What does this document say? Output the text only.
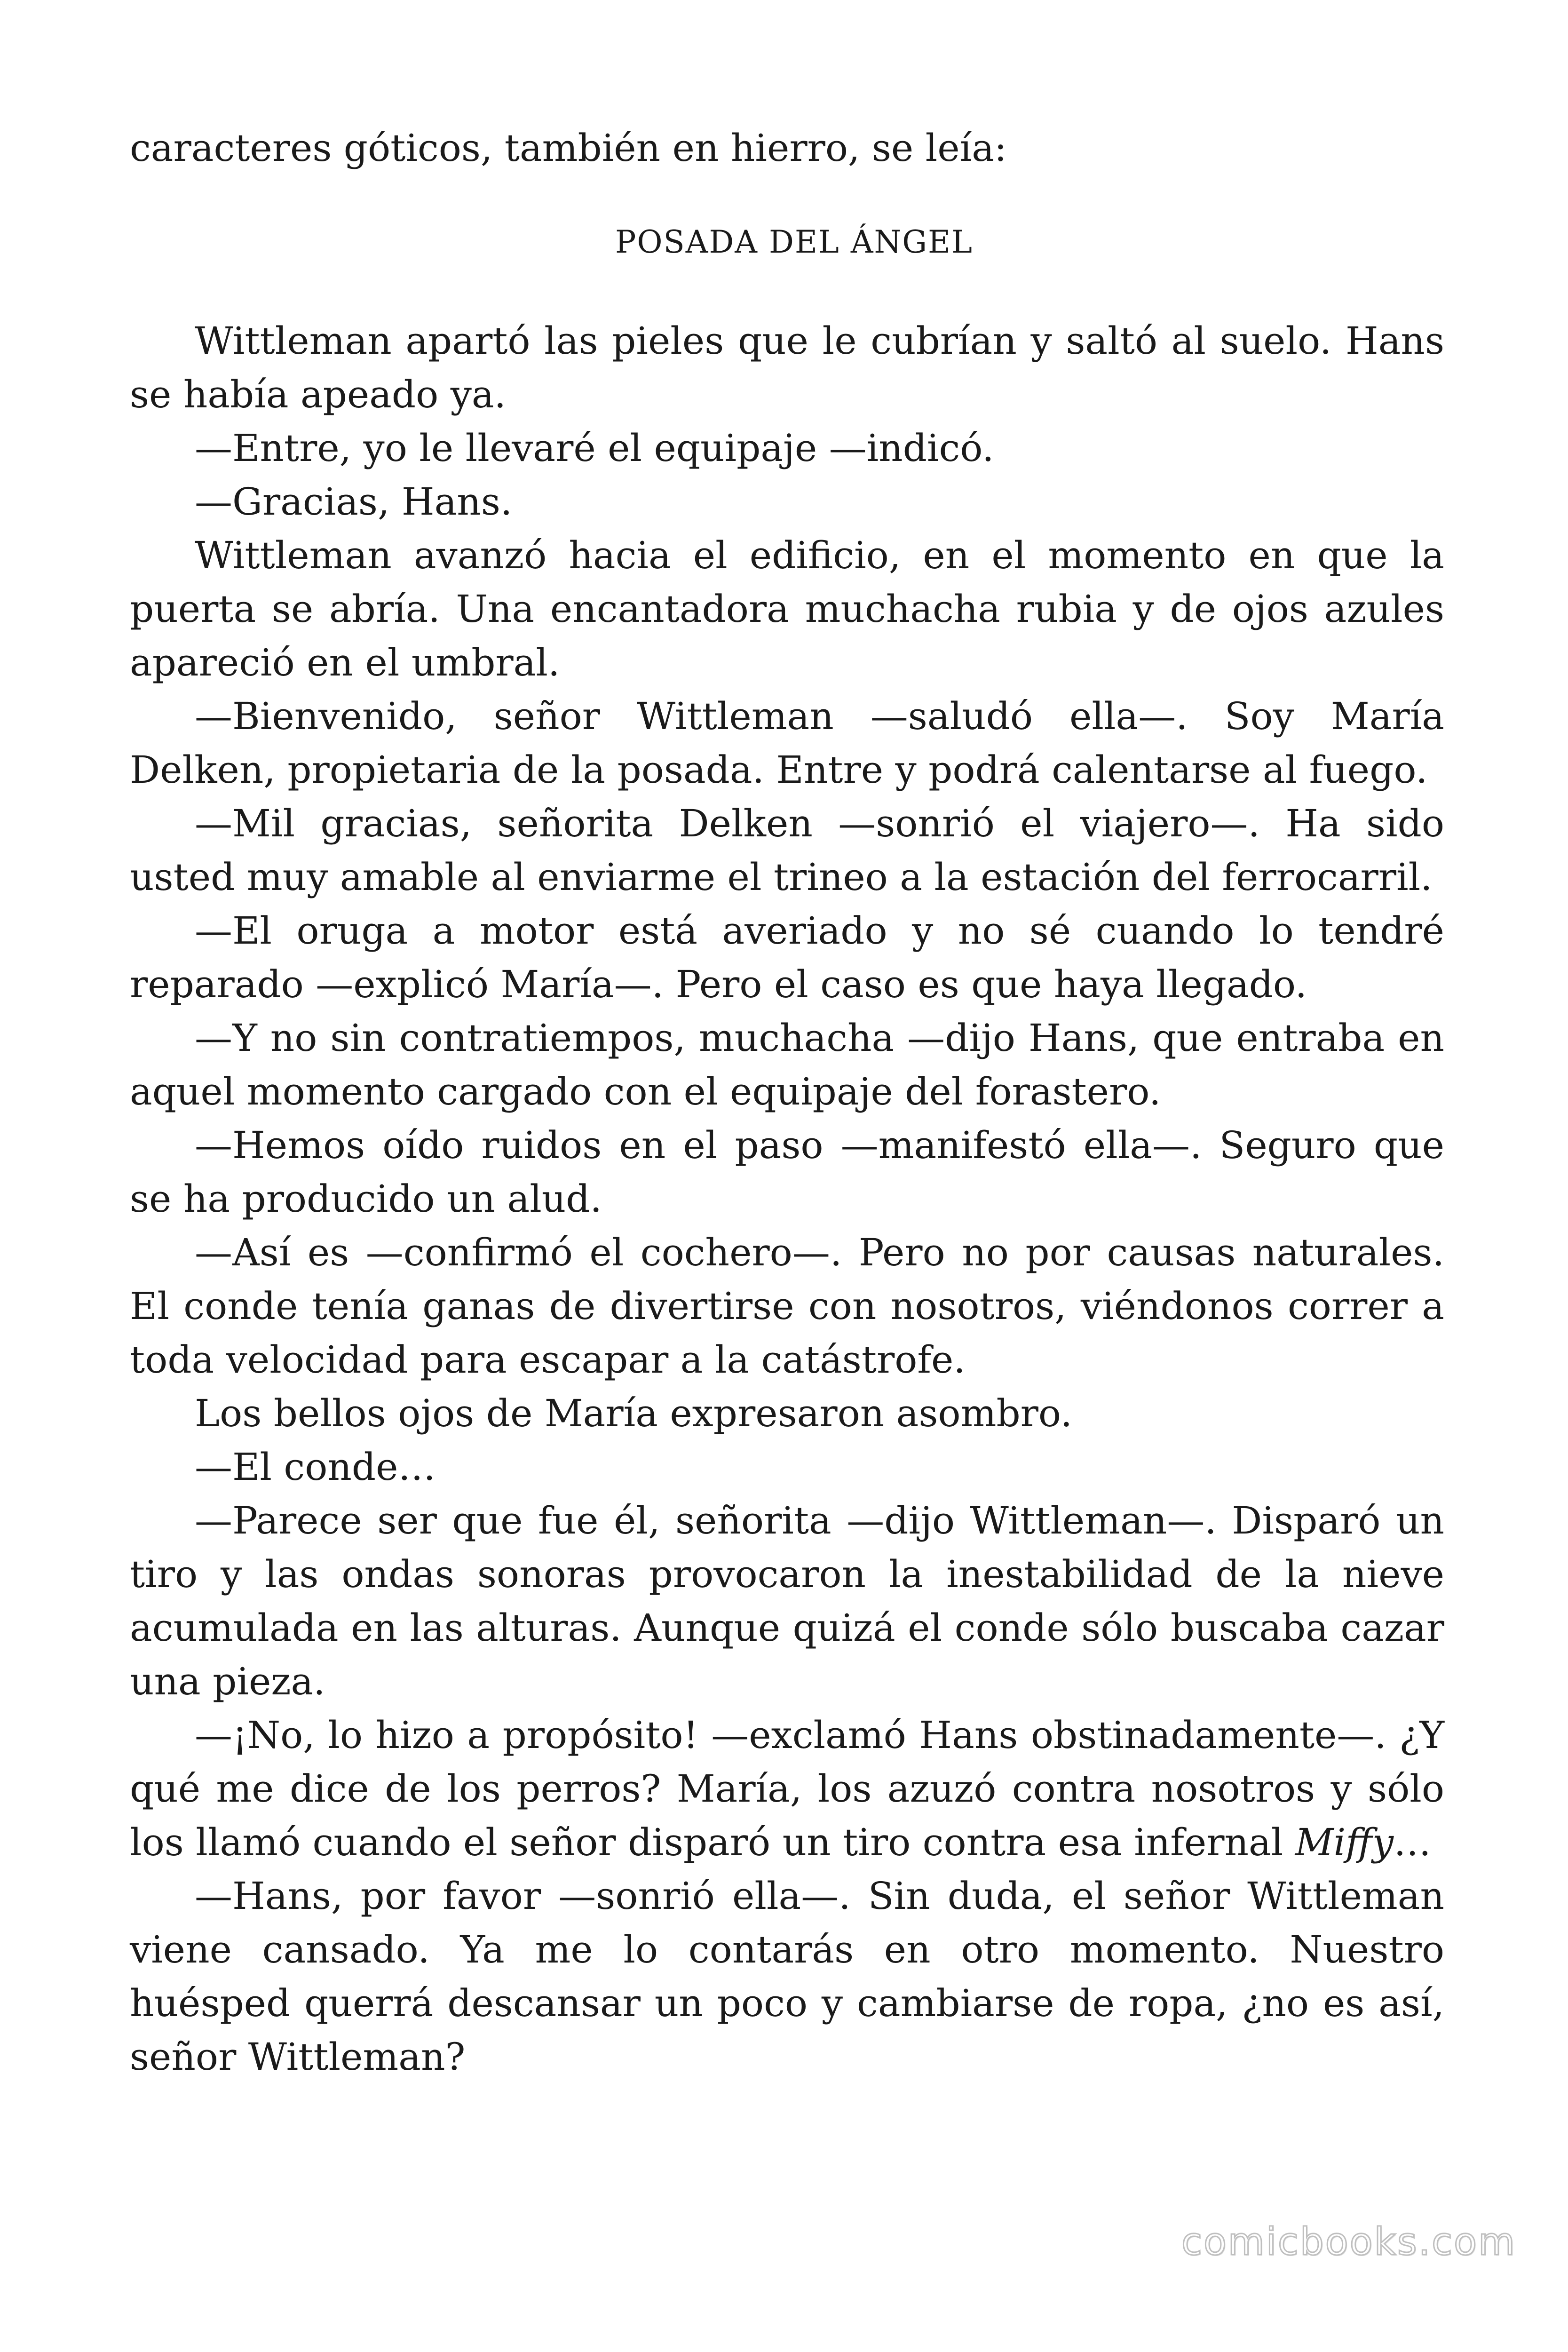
caracteres góticos, también en hierro, se leía:

POSADA DEL ÁNGEL

Wittleman apartó las pieles que le cubrían y saltó al suelo. Hans se había apeado ya.

—Entre, yo le llevaré el equipaje —indicó.

—Gracias, Hans.

Wittleman avanzó hacia el edificio, en el momento en que la puerta se abría. Una encantadora muchacha rubia y de ojos azules apareció en el umbral.

—Bienvenido, señor Wittleman —saludó ella—. Soy María Delken, propietaria de la posada. Entre y podrá calentarse al fuego.

—Mil gracias, señorita Delken —sonrió el viajero—. Ha sido usted muy amable al enviarme el trineo a la estación del ferrocarril.

—El oruga a motor está averiado y no sé cuando lo tendré reparado —explicó María—. Pero el caso es que haya llegado.

—Y no sin contratiempos, muchacha —dijo Hans, que entraba en aquel momento cargado con el equipaje del forastero.

—Hemos oído ruidos en el paso —manifestó ella—. Seguro que se ha producido un alud.

—Así es —confirmó el cochero—. Pero no por causas naturales. El conde tenía ganas de divertirse con nosotros, viéndonos correr a toda velocidad para escapar a la catástrofe.

Los bellos ojos de María expresaron asombro.

—El conde…

—Parece ser que fue él, señorita —dijo Wittleman—. Disparó un tiro y las ondas sonoras provocaron la inestabilidad de la nieve acumulada en las alturas. Aunque quizá el conde sólo buscaba cazar una pieza.

—¡No, lo hizo a propósito! —exclamó Hans obstinadamente—. ¿Y qué me dice de los perros? María, los azuzó contra nosotros y sólo los llamó cuando el señor disparó un tiro contra esa infernal Miffy…

—Hans, por favor —sonrió ella—. Sin duda, el señor Wittleman viene cansado. Ya me lo contarás en otro momento. Nuestro huésped querrá descansar un poco y cambiarse de ropa, ¿no es así, señor Wittleman?

comicbooks.com
